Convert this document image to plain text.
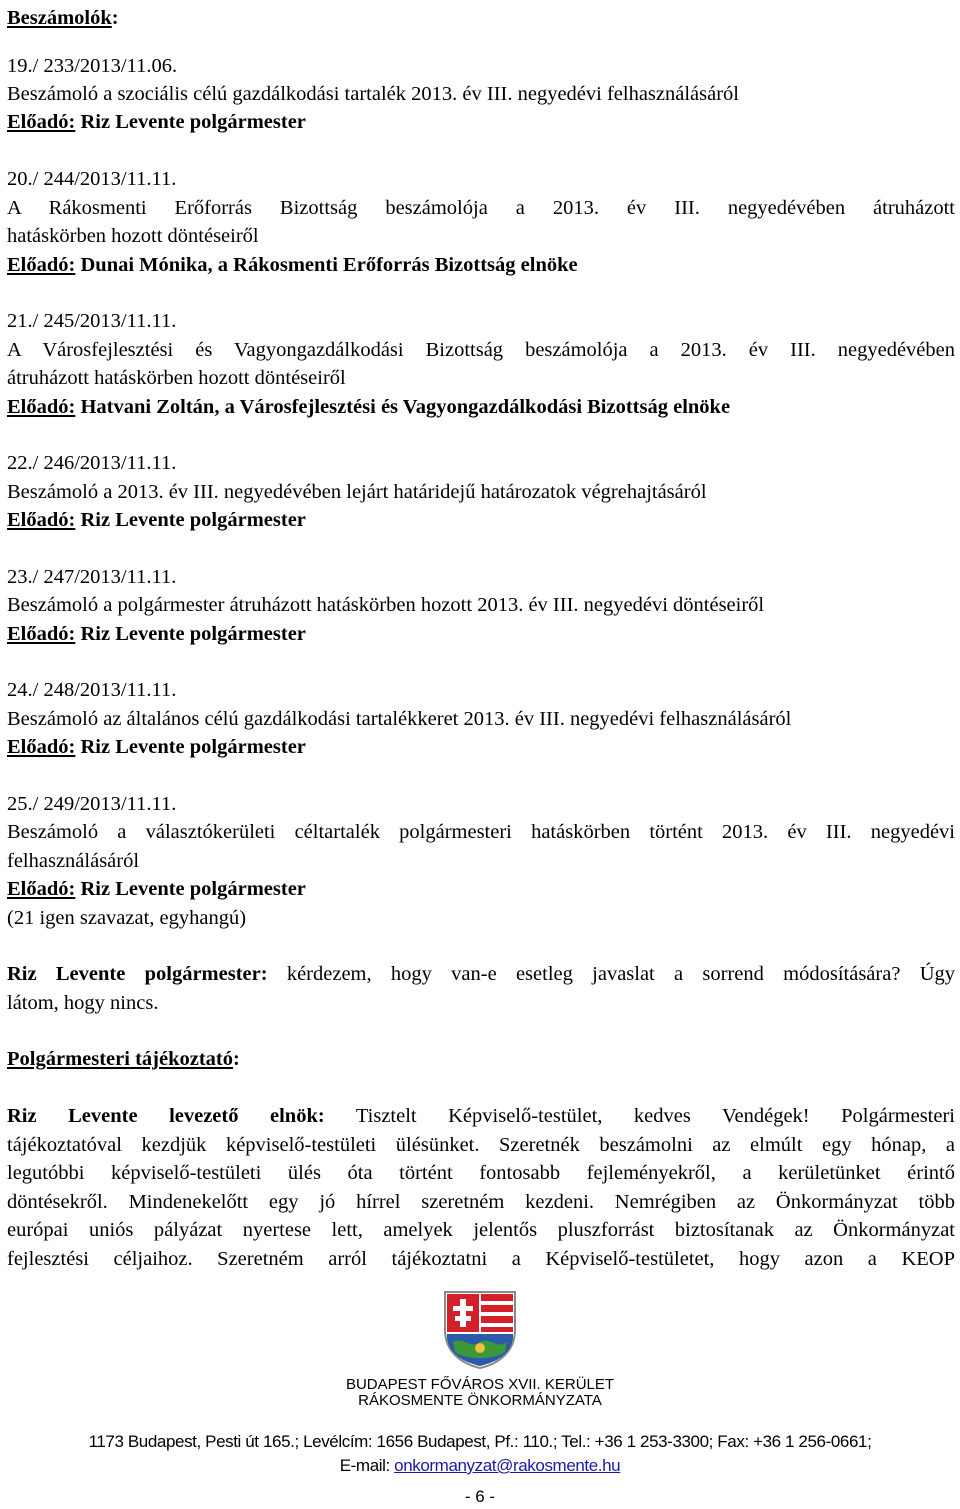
Beszámolók:
19./ 233/2013/11.06.
Beszámoló a szociális célú gazdálkodási tartalék 2013. év III. negyedévi felhasználásáról
Előadó: Riz Levente polgármester
20./ 244/2013/11.11.
A Rákosmenti Erőforrás Bizottság beszámolója a 2013. év III. negyedévében átruházott
hatáskörben hozott döntéseiről
Előadó: Dunai Mónika, a Rákosmenti Erőforrás Bizottság elnöke
21./ 245/2013/11.11.
A Városfejlesztési és Vagyongazdálkodási Bizottság beszámolója a 2013. év III. negyedévében
átruházott hatáskörben hozott döntéseiről
Előadó: Hatvani Zoltán, a Városfejlesztési és Vagyongazdálkodási Bizottság elnöke
22./ 246/2013/11.11.
Beszámoló a 2013. év III. negyedévében lejárt határidejű határozatok végrehajtásáról
Előadó: Riz Levente polgármester
23./ 247/2013/11.11.
Beszámoló a polgármester átruházott hatáskörben hozott 2013. év III. negyedévi döntéseiről
Előadó: Riz Levente polgármester
24./ 248/2013/11.11.
Beszámoló az általános célú gazdálkodási tartalékkeret 2013. év III. negyedévi felhasználásáról
Előadó: Riz Levente polgármester
25./ 249/2013/11.11.
Beszámoló a választókerületi céltartalék polgármesteri hatáskörben történt 2013. év III. negyedévi
felhasználásáról
Előadó: Riz Levente polgármester
(21 igen szavazat, egyhangú)
Riz Levente polgármester: kérdezem, hogy van-e esetleg javaslat a sorrend módosítására? Úgy
látom, hogy nincs.
Polgármesteri tájékoztató:
Riz Levente levezető elnök: Tisztelt Képviselő-testület, kedves Vendégek! Polgármesteri
tájékoztatóval kezdjük képviselő-testületi ülésünket. Szeretnék beszámolni az elmúlt egy hónap, a
legutóbbi képviselő-testületi ülés óta történt fontosabb fejleményekről, a kerületünket érintő
döntésekről. Mindenekelőtt egy jó hírrel szeretném kezdeni. Nemrégiben az Önkormányzat több
európai uniós pályázat nyertese lett, amelyek jelentős pluszforrást biztosítanak az Önkormányzat
fejlesztési céljaihoz. Szeretném arról tájékoztatni a Képviselő-testületet, hogy azon a KEOP
BUDAPEST FŐVÁROS XVII. KERÜLET
RÁKOSMENTE ÖNKORMÁNYZATA
1173 Budapest, Pesti út 165.; Levélcím: 1656 Budapest, Pf.: 110.; Tel.: +36 1 253-3300; Fax: +36 1 256-0661;
E-mail: onkormanyzat@rakosmente.hu
- 6 -
